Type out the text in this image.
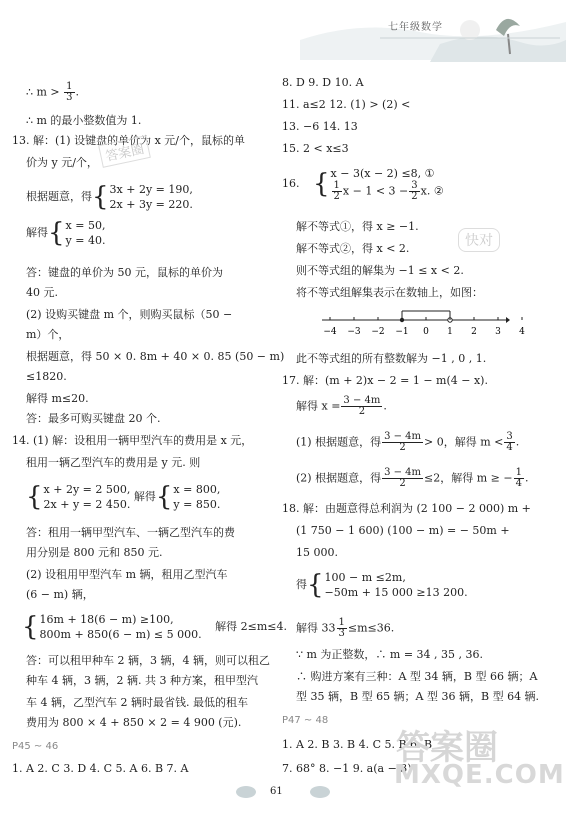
七年级数学
∴ $m > \frac{1}{3}$ .
∴ m 的最小整数值为 1.
13. 解：(1) 设键盘的单价为 x 元/个，鼠标的单
价为 y 元/个，
根据题意，得{ 3x + 2y = 190,
2x + 3y = 220.
解得{ x = 50,
y = 40.
答：键盘的单价为 50 元，鼠标的单价为
40 元.
(2) 设购买键盘 m 个，则购买鼠标（50 −
m）个，
根据题意，得 50 × 0. 8m + 40 × 0. 85 (50 − m)
≤1820.
解得 m≤20.
答：最多可购买键盘 20 个.
14. (1) 解：设租用一辆甲型汽车的费用是 x 元，
租用一辆乙型汽车的费用是 y 元. 则
{ x + 2y = 2 500,
2x + y = 2 450.
解得{ x = 800,
y = 850.
答：租用一辆甲型汽车、一辆乙型汽车的费
用分别是 800 元和 850 元.
(2) 设租用甲型汽车 m 辆，租用乙型汽车
(6 − m) 辆，
{ 16m + 18(6 − m) ≥100,
800m + 850(6 − m) ≤ 5 000.
解得 2≤m≤4.
答：可以租甲种车 2 辆，3 辆，4 辆，则可以租乙
种车 4 辆，3 辆，2 辆. 共 3 种方案，租甲型汽
车 4 辆，乙型汽车 2 辆时最省钱. 最低的租车
费用为 800 × 4 + 850 × 2 = 4 900 (元).
P45 ~ 46
1. A 2. C 3. D 4. C 5. A 6. B 7. A
8. D 9. D 10. A
11. a≤2 12. (1) > (2) <
13. −6 14. 13
15. 2 < x≤3
16. { x − 3(x − 2) ≤8, ①
$\frac{1}{2}$ $x - 1 < 3 - \frac{3}{2} x$. ②
解不等式①，得 x ≥ −1.
解不等式②，得 x < 2.
则不等式组的解集为 −1 ≤ x < 2.
将不等式组解集表示在数轴上，如图：
−4 −3 −2 −1 0 1 2 3 4
此不等式组的所有整数解为 −1 , 0 , 1.
17. 解：(m + 2)x − 2 = 1 − m(4 − x).
解得 $x = \frac{3 - 4m}{2}$ .
(1) 根据题意，得 $\frac{3 - 4m}{2} > 0$，解得 $m < \frac{3}{4}$ .
(2) 根据题意，得 $\frac{3 - 4m}{2} \le 2$，解得 m ≥ − $\frac{1}{4}$ .
18. 解：由题意得总利润为 (2 100 − 2 000) m +
(1 750 − 1 600) (100 − m) = − 50m +
15 000.
得{ 100 − m ≤2m,
−50m + 15 000 ≥13 200.
解得 $33 \frac{1}{3} \le m\le 36$.
∵ m 为正整数，∴ m = 34 , 35 , 36.
∴ 购进方案有三种：A 型 34 辆，B 型 66 辆；A
型 35 辆，B 型 65 辆；A 型 36 辆，B 型 64 辆.
P47 ~ 48
1. A 2. B 3. B 4. C 5. B 6. B
7. 68° 8. −1 9. a(a − 3)
答案圈
快对
答案圈
MXQE.COM
61
